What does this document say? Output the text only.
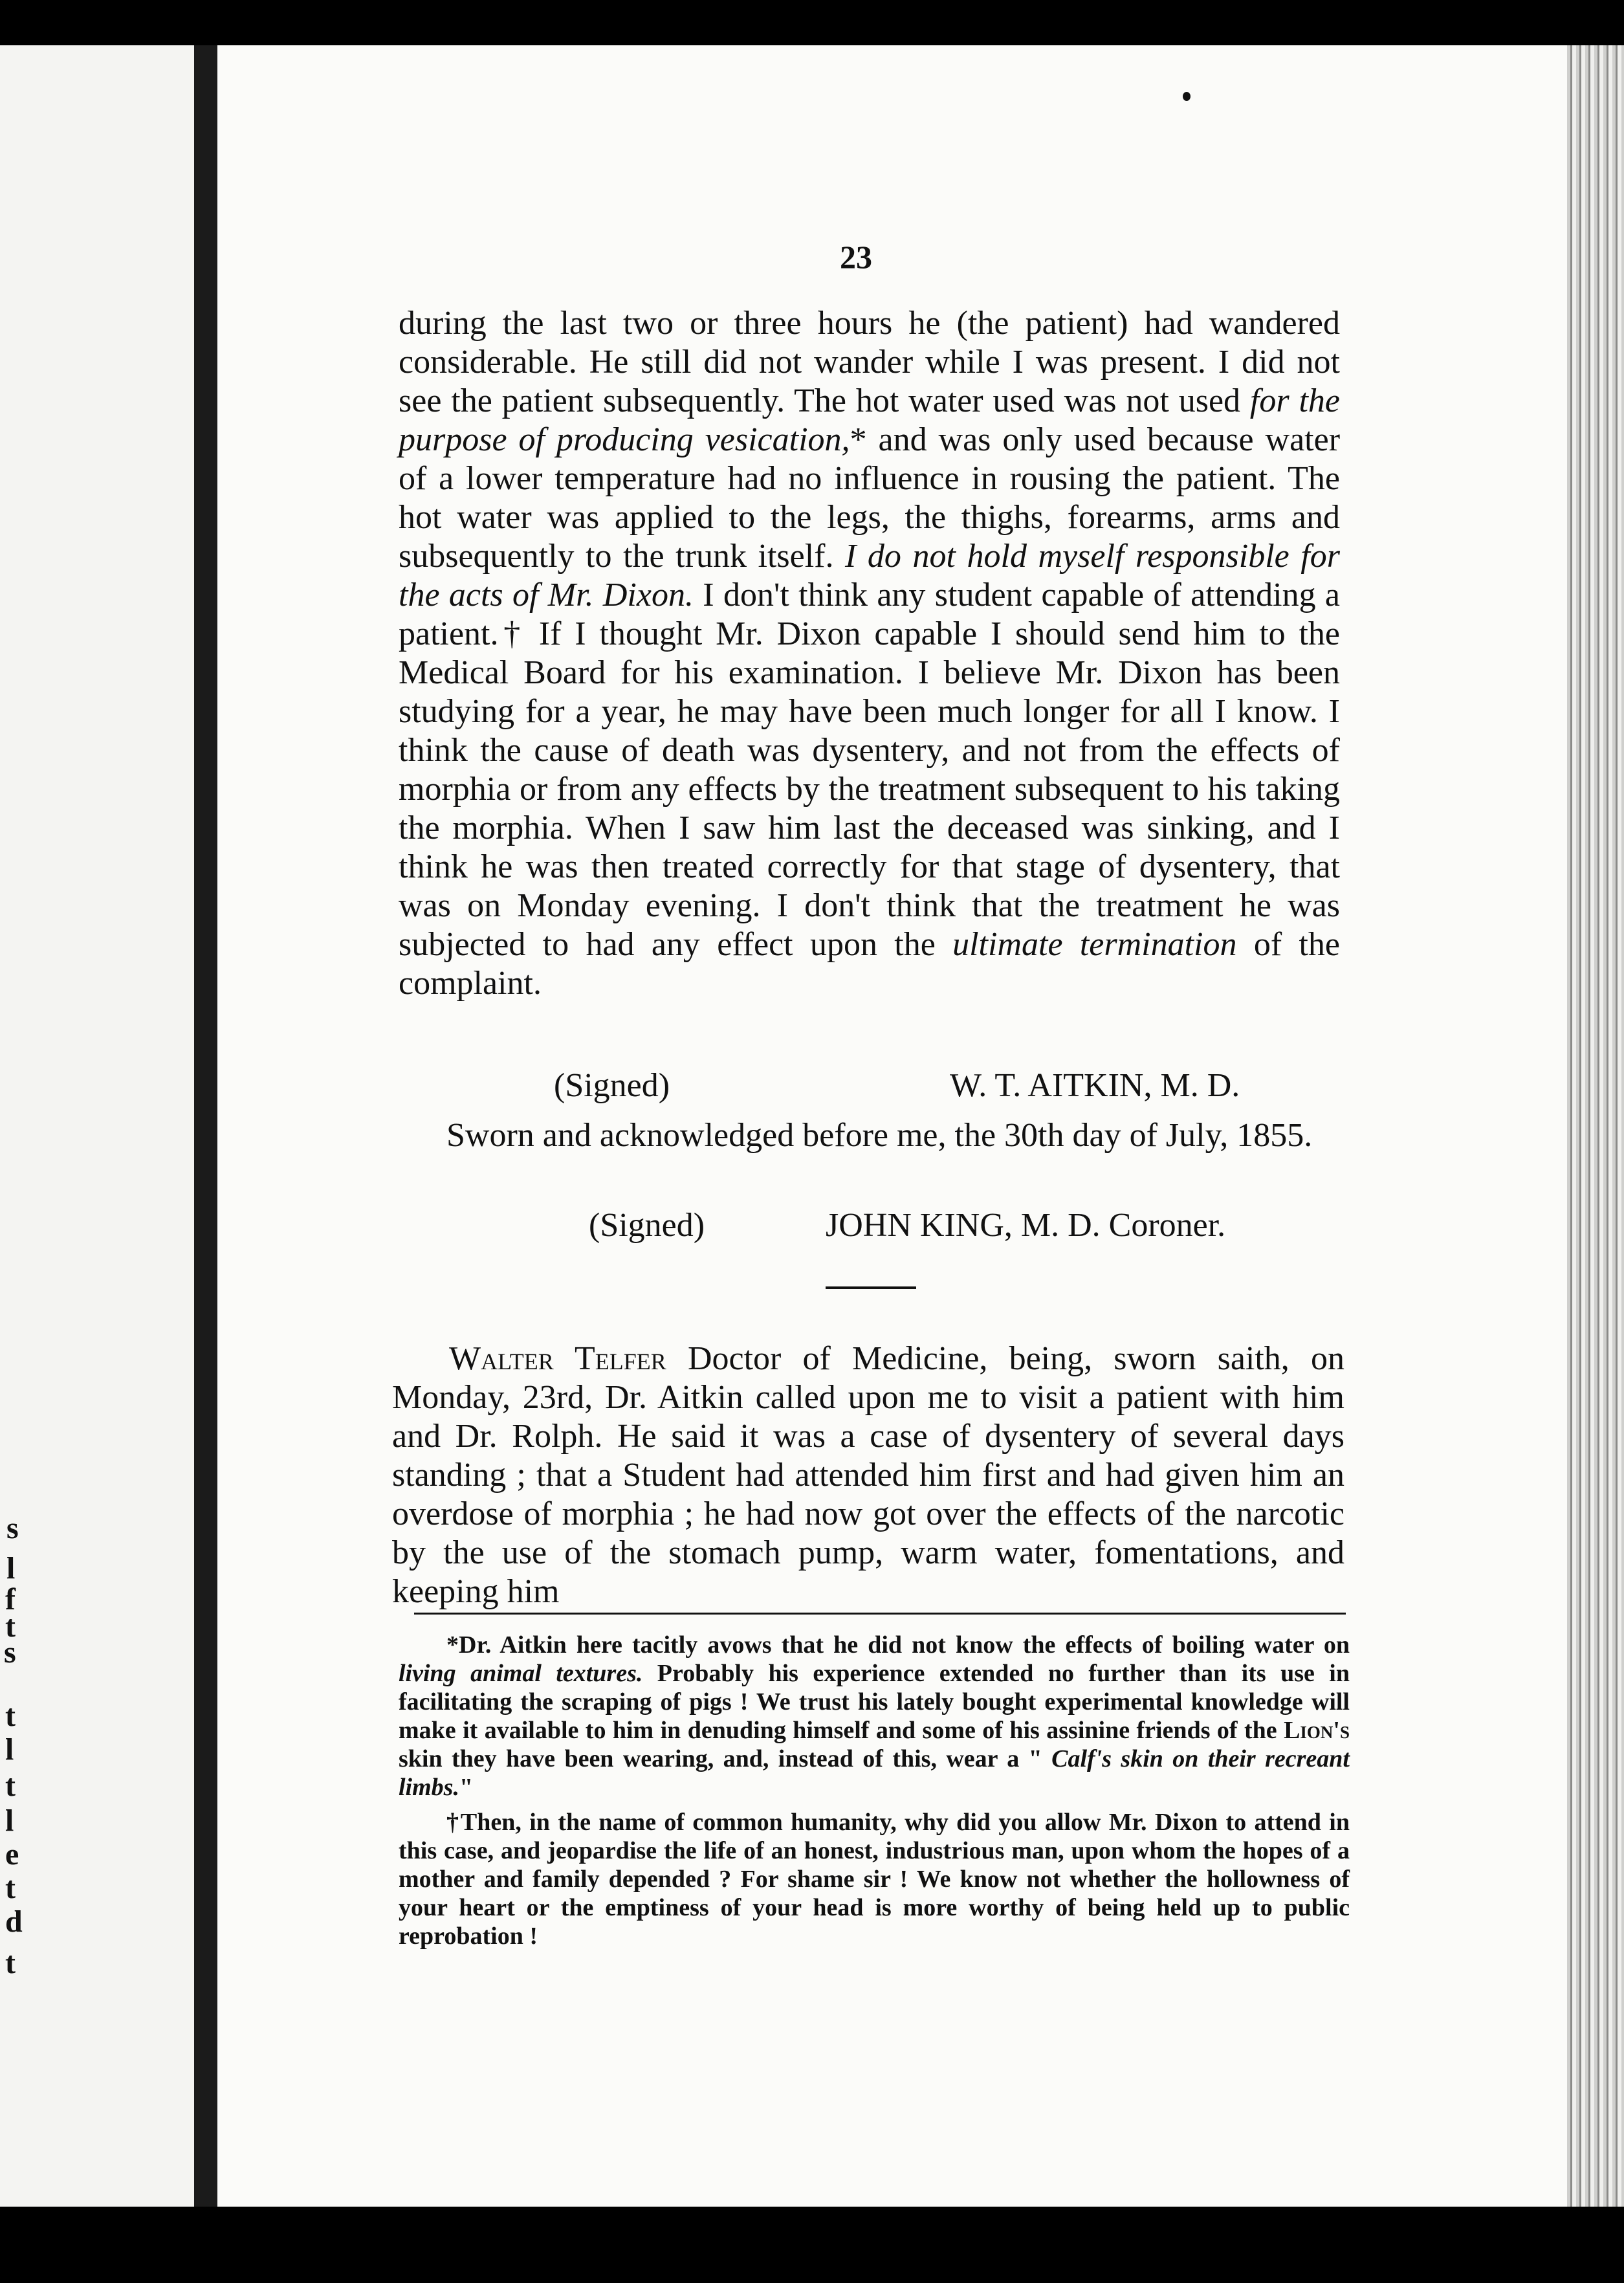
s
l
f
t
s
t
l
t
l
e
t
d
t
23

during the last two or three hours he (the patient) had wandered considerable. He still did not wander while I was present. I did not see the patient subsequently. The hot water used was not used for the purpose of producing vesication,* and was only used because water of a lower temperature had no influence in rousing the patient. The hot water was applied to the legs, the thighs, forearms, arms and subsequently to the trunk itself. I do not hold myself responsible for the acts of Mr. Dixon. I don't think any student capable of attending a patient.† If I thought Mr. Dixon capable I should send him to the Medical Board for his examination. I believe Mr. Dixon has been studying for a year, he may have been much longer for all I know. I think the cause of death was dysentery, and not from the effects of morphia or from any effects by the treatment subsequent to his taking the morphia. When I saw him last the deceased was sinking, and I think he was then treated correctly for that stage of dysentery, that was on Monday evening. I don't think that the treatment he was subjected to had any effect upon the ultimate termination of the complaint.

(Signed)	W. T. AITKIN, M. D.
Sworn and acknowledged before me, the 30th day of July, 1855.
(Signed)	JOHN KING, M. D. Coroner.
Walter Telfer Doctor of Medicine, being, sworn saith, on Monday, 23rd, Dr. Aitkin called upon me to visit a patient with him and Dr. Rolph. He said it was a case of dysentery of several days standing ; that a Student had attended him first and had given him an overdose of morphia ; he had now got over the effects of the narcotic by the use of the stomach pump, warm water, fomentations, and keeping him

*Dr. Aitkin here tacitly avows that he did not know the effects of boiling water on living animal textures. Probably his experience extended no further than its use in facilitating the scraping of pigs ! We trust his lately bought experimental knowledge will make it available to him in denuding himself and some of his assinine friends of the Lion's skin they have been wearing, and, instead of this, wear a " Calf's skin on their recreant limbs."

†Then, in the name of common humanity, why did you allow Mr. Dixon to attend in this case, and jeopardise the life of an honest, industrious man, upon whom the hopes of a mother and family depended ? For shame sir ! We know not whether the hollowness of your heart or the emptiness of your head is more worthy of being held up to public reprobation !
